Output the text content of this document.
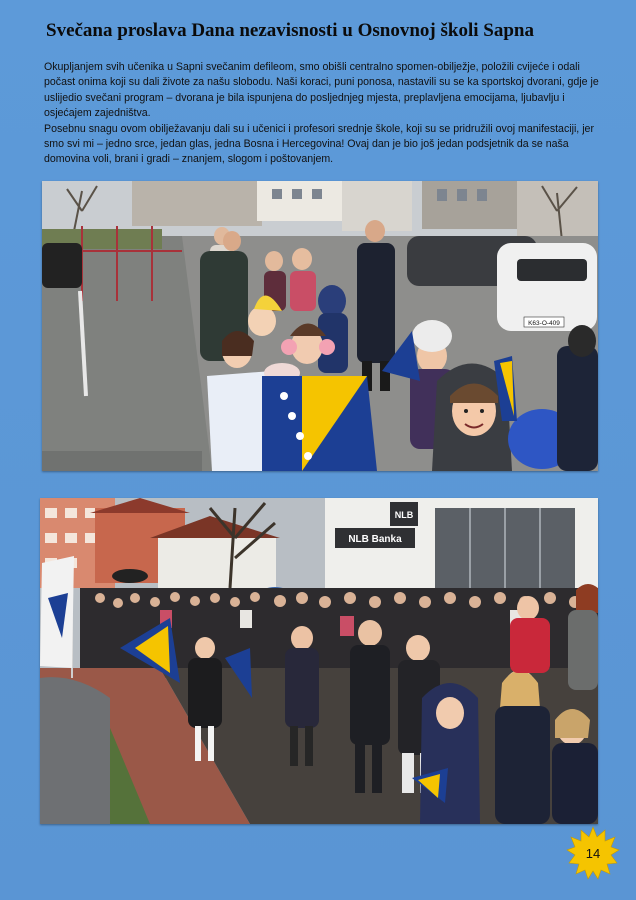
Svečana proslava Dana nezavisnosti u Osnovnoj školi Sapna

Okupljanjem svih učenika u Sapni svečanim defileom, smo obišli centralno spomen-obilježje, položili cvijeće i odali počast onima koji su dali živote za našu slobodu. Naši koraci, puni ponosa, nastavili su se ka sportskoj dvorani, gdje je uslijedio svečani program – dvorana je bila ispunjena do posljednjeg mjesta, preplavljena emocijama, ljubavlju i osjećajem zajedništva.

Posebnu snagu ovom obilježavanju dali su i učenici i profesori srednje škole, koji su se pridružili ovoj manifestaciji, jer smo svi mi – jedno srce, jedan glas, jedna Bosna i Hercegovina! Ovaj dan je bio još jedan podsjetnik da se naša domovina voli, brani i gradi – znanjem, slogom i poštovanjem.

K63-O-409
NLB Banka
NLB
14
